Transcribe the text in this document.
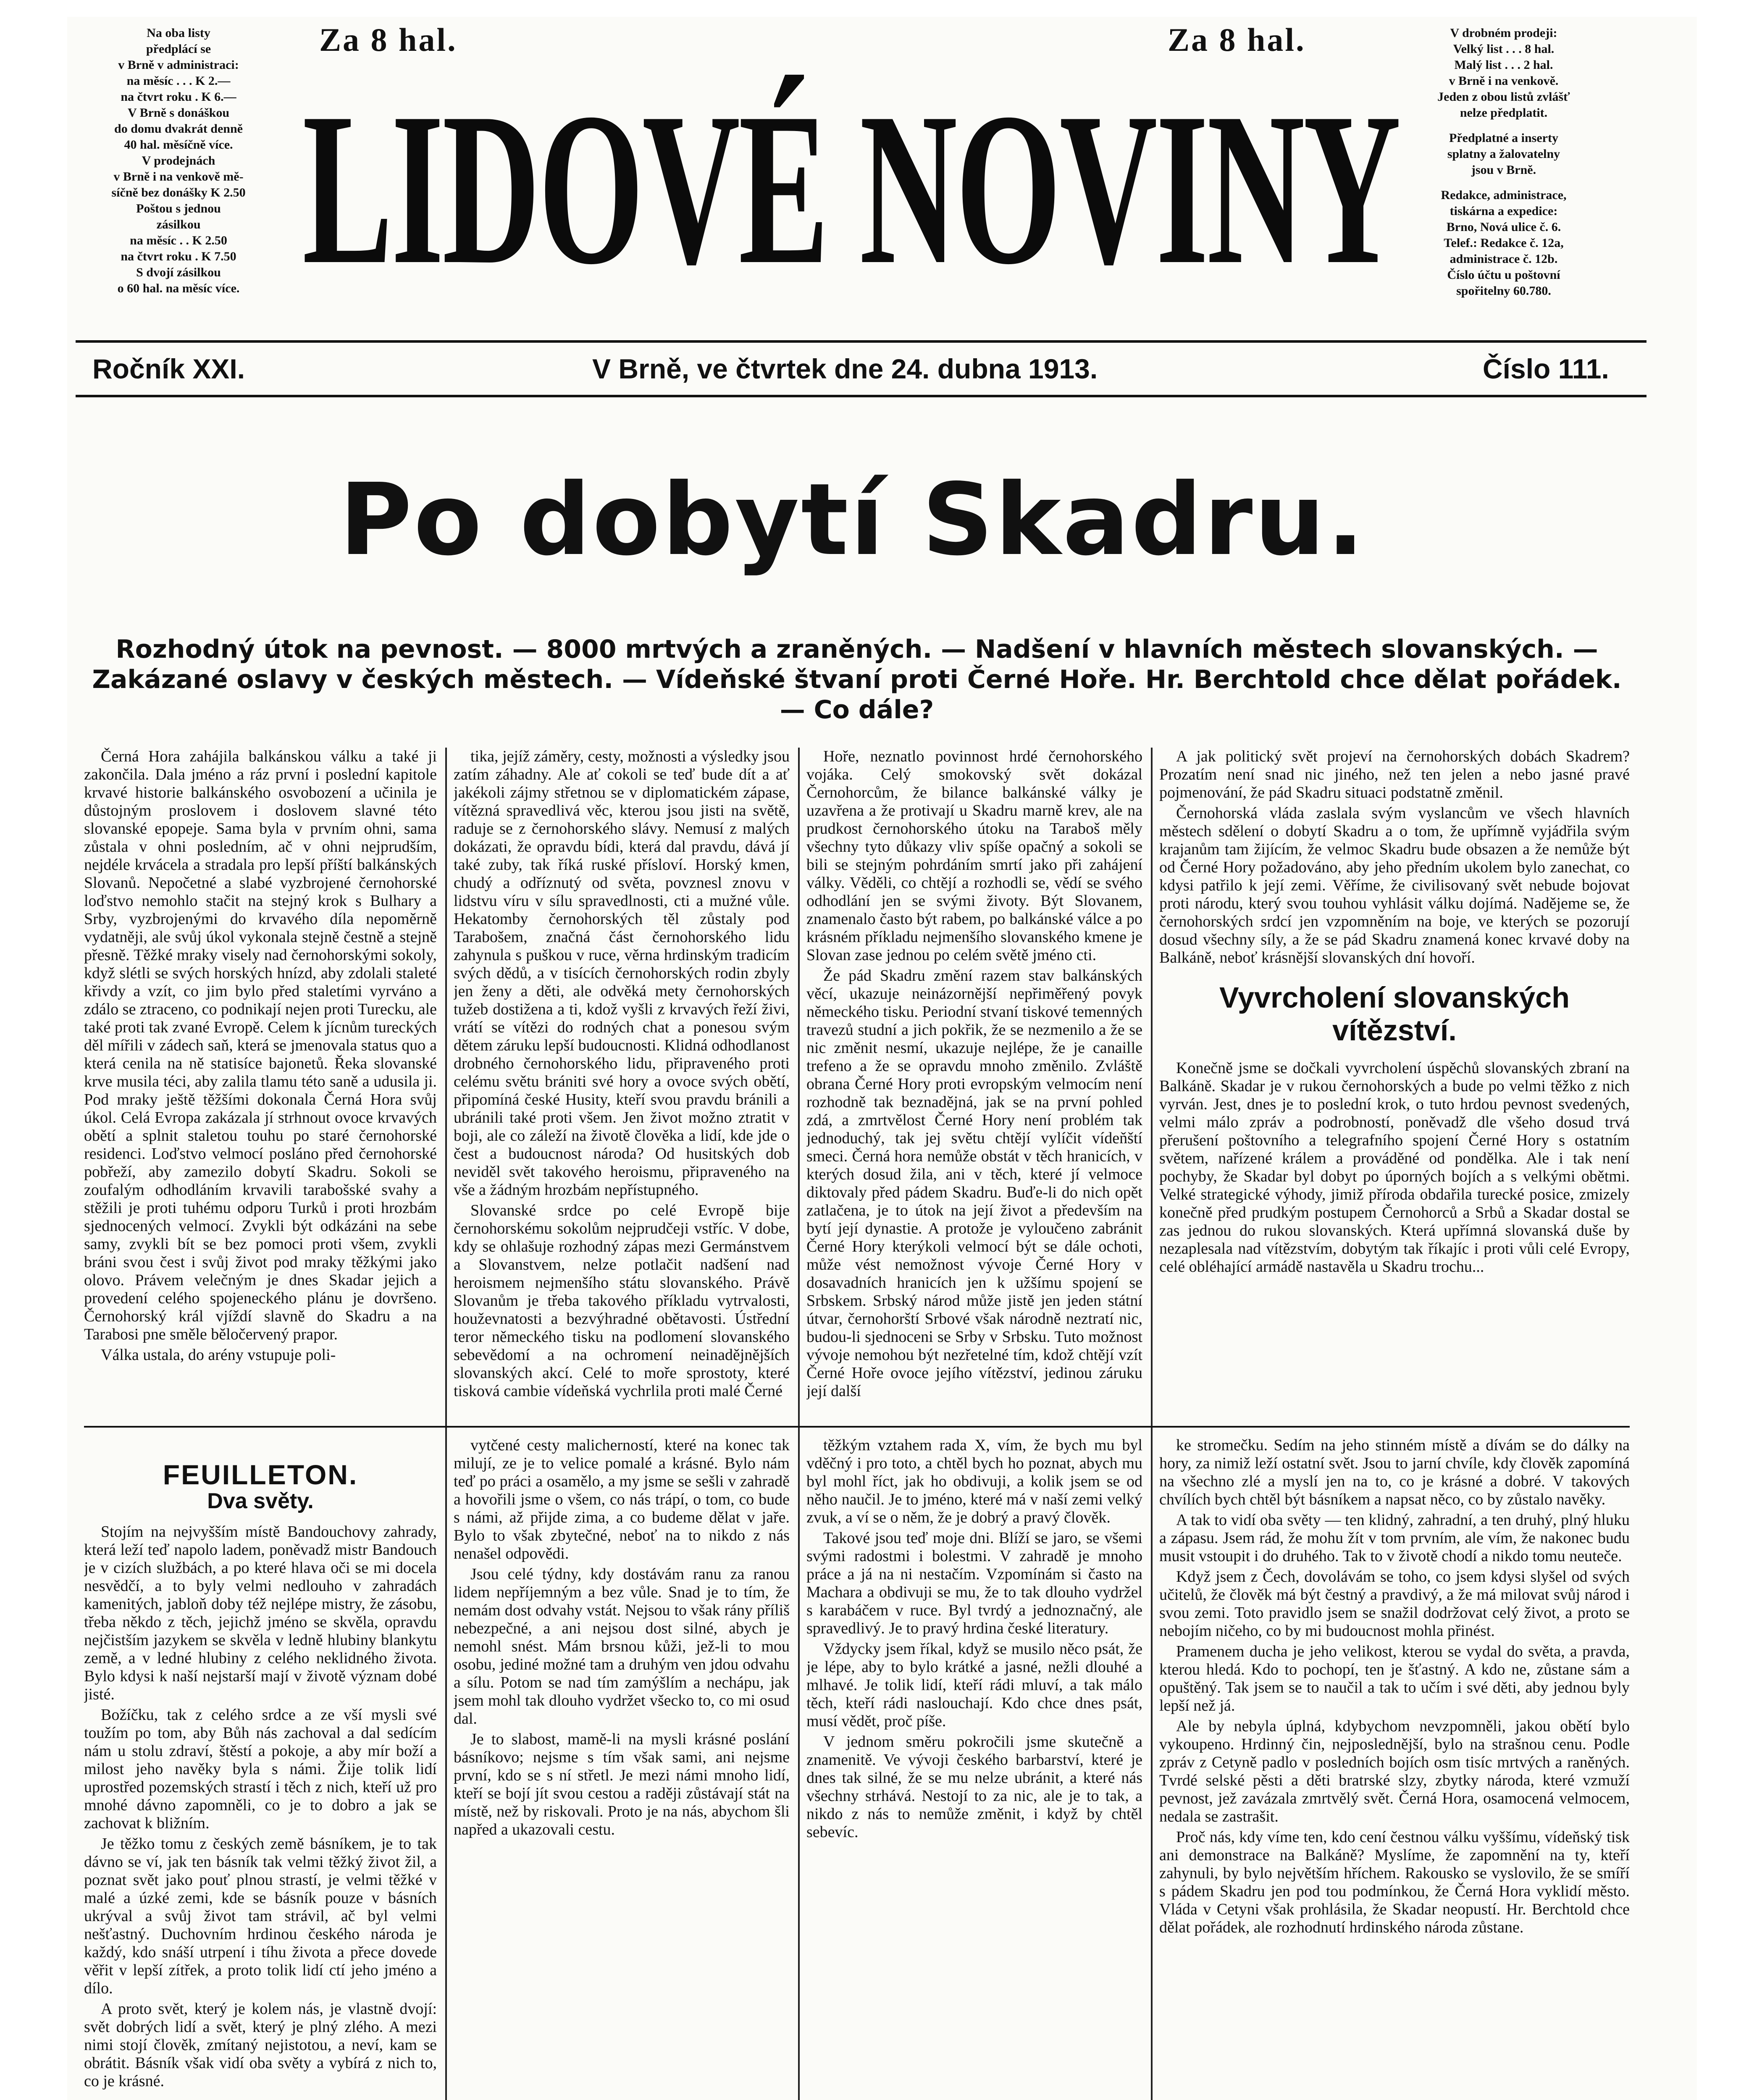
Na oba listy

předplácí se

v Brně v administraci:

na měsíc . . . K 2.—

na čtvrt roku . K 6.—

V Brně s donáškou

do domu dvakrát denně

40 hal. měsíčně více.

V prodejnách

v Brně i na venkově mě-

síčně bez donášky K 2.50

Poštou s jednou

zásilkou

na měsíc . . K 2.50

na čtvrt roku . K 7.50

S dvojí zásilkou

o 60 hal. na měsíc více.

Za 8 hal.	Za 8 hal.
LIDOVÉ NOVINY

V drobném prodeji:

Velký list . . . 8 hal.

Malý list . . . 2 hal.

v Brně i na venkově.

Jeden z obou listů zvlášť

nelze předplatit.

Předplatné a inserty

splatny a žalovatelny

jsou v Brně.

Redakce, administrace,

tiskárna a expedice:

Brno, Nová ulice č. 6.

Telef.: Redakce č. 12a,

administrace č. 12b.

Číslo účtu u poštovní

spořitelny 60.780.

Ročník XXI.	V Brně, ve čtvrtek dne 24. dubna 1913.	Číslo 111.
Po dobytí Skadru.
Rozhodný útok na pevnost. — 8000 mrtvých a zraněných. — Nadšení v hlavních městech slovanských. — Zakázané oslavy v českých městech. — Vídeňské štvaní proti Černé Hoře. Hr. Berchtold chce dělat pořádek. — Co dále?

Černá Hora zahájila balkánskou válku a také ji zakončila. Dala jméno a ráz první i poslední kapitole krvavé historie balkánského osvobození a učinila je důstojným proslovem i doslovem slavné této slovanské epopeje. Sama byla v prvním ohni, sama zůstala v ohni posledním, ač v ohni nejprudším, nejdéle krvácela a stradala pro lepší příští balkánských Slovanů. Nepočetné a slabé vyzbrojené černohorské loďstvo nemohlo stačit na stejný krok s Bulhary a Srby, vyzbrojenými do krvavého díla nepoměrně vydatněji, ale svůj úkol vykonala stejně čestně a stejně přesně. Těžké mraky visely nad černohorskými sokoly, když slétli se svých horských hnízd, aby zdolali staleté křivdy a vzít, co jim bylo před staletími vyrváno a zdálo se ztraceno, co podnikají nejen proti Turecku, ale také proti tak zvané Evropě. Celem k jícnům tureckých děl mířili v zádech saň, která se jmenovala status quo a která cenila na ně statisíce bajonetů. Řeka slovanské krve musila téci, aby zalila tlamu této saně a udusila ji. Pod mraky ještě těžšími dokonala Černá Hora svůj úkol. Celá Evropa zakázala jí strhnout ovoce krvavých obětí a splnit staletou touhu po staré černohorské residenci. Loďstvo velmocí posláno před černohorské pobřeží, aby zamezilo dobytí Skadru. Sokoli se zoufalým odhodláním krvavili tarabošské svahy a stěžili je proti tuhému odporu Turků i proti hrozbám sjednocených velmocí. Zvykli být odkázáni na sebe samy, zvykli bít se bez pomoci proti všem, zvykli bráni svou čest i svůj život pod mraky těžkými jako olovo. Právem velečným je dnes Skadar jejich a provedení celého spojeneckého plánu je dovršeno. Černohorský král vjíždí slavně do Skadru a na Tarabosi pne směle běločervený prapor.

Válka ustala, do arény vstupuje poli-

tika, jejíž záměry, cesty, možnosti a výsledky jsou zatím záhadny. Ale ať cokoli se teď bude dít a ať jakékoli zájmy střetnou se v diplomatickém zápase, vítězná spravedlivá věc, kterou jsou jisti na světě, raduje se z černohorského slávy. Nemusí z malých dokázati, že opravdu bídi, která dal pravdu, dává jí také zuby, tak říká ruské přísloví. Horský kmen, chudý a odříznutý od světa, povznesl znovu v lidstvu víru v sílu spravedlnosti, cti a mužné vůle. Hekatomby černohorských těl zůstaly pod Tarabošem, značná část černohorského lidu zahynula s puškou v ruce, věrna hrdinským tradicím svých dědů, a v tisících černohorských rodin zbyly jen ženy a děti, ale odvěká mety černohorských tužeb dostižena a ti, kdož vyšli z krvavých řeží živi, vrátí se vítězi do rodných chat a ponesou svým dětem záruku lepší budoucnosti. Klidná odhodlanost drobného černohorského lidu, připraveného proti celému světu brániti své hory a ovoce svých obětí, připomíná české Husity, kteří svou pravdu bránili a ubránili také proti všem. Jen život možno ztratit v boji, ale co záleží na životě člověka a lidí, kde jde o čest a budoucnost národa? Od husitských dob neviděl svět takového heroismu, připraveného na vše a žádným hrozbám nepřístupného.

Slovanské srdce po celé Evropě bije černohorskému sokolům nejprudčeji vstříc. V dobe, kdy se ohlašuje rozhodný zápas mezi Germánstvem a Slovanstvem, nelze potlačit nadšení nad heroismem nejmenšího státu slovanského. Právě Slovanům je třeba takového příkladu vytrvalosti, houževnatosti a bezvýhradné obětavosti. Ústřední teror německého tisku na podlomení slovanského sebevědomí a na ochromení neinadějnějších slovanských akcí. Celé to moře sprostoty, které tisková cambie vídeňská vychrlila proti malé Černé

Hoře, neznatlo povinnost hrdé černohorského vojáka. Celý smokovský svět dokázal Černohorcům, že bilance balkánské války je uzavřena a že protivají u Skadru marně krev, ale na prudkost černohorského útoku na Taraboš měly všechny tyto důkazy vliv spíše opačný a sokoli se bili se stejným pohrdáním smrtí jako při zahájení války. Věděli, co chtějí a rozhodli se, vědí se svého odhodlání jen se svými životy. Být Slovanem, znamenalo často být rabem, po balkánské válce a po krásném příkladu nejmenšího slovanského kmene je Slovan zase jednou po celém světě jméno cti.

Že pád Skadru změní razem stav balkánských věcí, ukazuje neinázornější nepřiměřený povyk německého tisku. Periodní stvaní tiskové temenných travezů studní a jich pokřik, že se nezmenilo a že se nic změnit nesmí, ukazuje nejlépe, že je canaille trefeno a že se opravdu mnoho změnilo. Zvláště obrana Černé Hory proti evropským velmocím není rozhodně tak beznadějná, jak se na první pohled zdá, a zmrtvělost Černé Hory není problém tak jednoduchý, tak jej světu chtějí vylíčit vídeňští smeci. Černá hora nemůže obstát v těch hranicích, v kterých dosud žila, ani v těch, které jí velmoce diktovaly před pádem Skadru. Buďe-li do nich opět zatlačena, je to útok na její život a především na bytí její dynastie. A protože je vyloučeno zabránit Černé Hory kterýkoli velmocí být se dále ochoti, může vést nemožnost vývoje Černé Hory v dosavadních hranicích jen k užšímu spojení se Srbskem. Srbský národ může jistě jen jeden státní útvar, černohorští Srbové však národně neztratí nic, budou-li sjednoceni se Srby v Srbsku. Tuto možnost vývoje nemohou být nezřetelné tím, kdož chtějí vzít Černé Hoře ovoce jejího vítězství, jedinou záruku její další

A jak politický svět projeví na černohorských dobách Skadrem? Prozatím není snad nic jiného, než ten jelen a nebo jasné pravé pojmenování, že pád Skadru situaci podstatně změnil.

Černohorská vláda zaslala svým vyslancům ve všech hlavních městech sdělení o dobytí Skadru a o tom, že upřímně vyjádřila svým krajanům tam žijícím, že velmoc Skadru bude obsazen a že nemůže být od Černé Hory požadováno, aby jeho předním ukolem bylo zanechat, co kdysi patřilo k její zemi. Věříme, že civilisovaný svět nebude bojovat proti národu, který svou touhou vyhlásit válku dojímá. Nadějeme se, že černohorských srdcí jen vzpomněním na boje, ve kterých se pozorují dosud všechny síly, a že se pád Skadru znamená konec krvavé doby na Balkáně, neboť krásnější slovanských dní hovoří.

Vyvrcholení slovanských vítězství.

Konečně jsme se dočkali vyvrcholení úspěchů slovanských zbraní na Balkáně. Skadar je v rukou černohorských a bude po velmi těžko z nich vyrván. Jest, dnes je to poslední krok, o tuto hrdou pevnost svedených, velmi málo zpráv a podrobností, poněvadž dle všeho dosud trvá přerušení poštovního a telegrafního spojení Černé Hory s ostatním světem, nařízené králem a prováděné od pondělka. Ale i tak není pochyby, že Skadar byl dobyt po úporných bojích a s velkými obětmi. Velké strategické výhody, jimiž příroda obdařila turecké posice, zmizely konečně před prudkým postupem Černohorců a Srbů a Skadar dostal se zas jednou do rukou slovanských. Která upřímná slovanská duše by nezaplesala nad vítězstvím, dobytým tak říkajíc i proti vůli celé Evropy, celé obléhající armádě nastavěla u Skadru trochu...

FEUILLETON.
Dva světy.

Stojím na nejvyšším místě Bandouchovy zahrady, která leží teď napolo ladem, poněvadž mistr Bandouch je v cizích službách, a po které hlava oči se mi docela nesvědčí, a to byly velmi nedlouho v zahradách kamenitých, jabloň doby též nejlépe mistry, že zásobu, třeba někdo z těch, jejichž jméno se skvěla, opravdu nejčistším jazykem se skvěla v ledně hlubiny blankytu země, a v ledné hlubiny z celého neklidného života. Bylo kdysi k naší nejstarší mají v životě význam dobé jisté.

Božíčku, tak z celého srdce a ze vší mysli své toužím po tom, aby Bůh nás zachoval a dal sedícím nám u stolu zdraví, štěstí a pokoje, a aby mír boží a milost jeho navěky byla s námi. Žije tolik lidí uprostřed pozemských strastí i těch z nich, kteří už pro mnohé dávno zapomněli, co je to dobro a jak se zachovat k bližním.

Je těžko tomu z českých země básníkem, je to tak dávno se ví, jak ten básník tak velmi těžký život žil, a poznat svět jako pouť plnou strastí, je velmi těžké v malé a úzké zemi, kde se básník pouze v básních ukrýval a svůj život tam strávil, ač byl velmi nešťastný. Duchovním hrdinou českého národa je každý, kdo snáší utrpení i tíhu života a přece dovede věřit v lepší zítřek, a proto tolik lidí ctí jeho jméno a dílo.

A proto svět, který je kolem nás, je vlastně dvojí: svět dobrých lidí a svět, který je plný zlého. A mezi nimi stojí člověk, zmítaný nejistotou, a neví, kam se obrátit. Básník však vidí oba světy a vybírá z nich to, co je krásné.

vytčené cesty malicherností, které na konec tak milují, ze je to velice pomalé a krásné. Bylo nám teď po práci a osamělo, a my jsme se sešli v zahradě a hovořili jsme o všem, co nás trápí, o tom, co bude s námi, až přijde zima, a co budeme dělat v jaře. Bylo to však zbytečné, neboť na to nikdo z nás nenašel odpovědi.

Jsou celé týdny, kdy dostávám ranu za ranou lidem nepříjemným a bez vůle. Snad je to tím, že nemám dost odvahy vstát. Nejsou to však rány příliš nebezpečné, a ani nejsou dost silné, abych je nemohl snést. Mám brsnou kůži, jež-li to mou osobu, jediné možné tam a druhým ven jdou odvahu a sílu. Potom se nad tím zamýšlím a nechápu, jak jsem mohl tak dlouho vydržet všecko to, co mi osud dal.

Je to slabost, mamě-li na mysli krásné poslání básníkovo; nejsme s tím však sami, ani nejsme první, kdo se s ní střetl. Je mezi námi mnoho lidí, kteří se bojí jít svou cestou a raději zůstávají stát na místě, než by riskovali. Proto je na nás, abychom šli napřed a ukazovali cestu.

těžkým vztahem rada X, vím, že bych mu byl vděčný i pro toto, a chtěl bych ho poznat, abych mu byl mohl říct, jak ho obdivuji, a kolik jsem se od něho naučil. Je to jméno, které má v naší zemi velký zvuk, a ví se o něm, že je dobrý a pravý člověk.

Takové jsou teď moje dni. Blíží se jaro, se všemi svými radostmi i bolestmi. V zahradě je mnoho práce a já na ni nestačím. Vzpomínám si často na Machara a obdivuji se mu, že to tak dlouho vydržel s karabáčem v ruce. Byl tvrdý a jednoznačný, ale spravedlivý. Je to pravý hrdina české literatury.

Vždycky jsem říkal, když se musilo něco psát, že je lépe, aby to bylo krátké a jasné, nežli dlouhé a mlhavé. Je tolik lidí, kteří rádi mluví, a tak málo těch, kteří rádi naslouchají. Kdo chce dnes psát, musí vědět, proč píše.

V jednom směru pokročili jsme skutečně a znamenitě. Ve vývoji českého barbarství, které je dnes tak silné, že se mu nelze ubránit, a které nás všechny strhává. Nestojí to za nic, ale je to tak, a nikdo z nás to nemůže změnit, i když by chtěl sebevíc.

ke stromečku. Sedím na jeho stinném místě a dívám se do dálky na hory, za nimiž leží ostatní svět. Jsou to jarní chvíle, kdy člověk zapomíná na všechno zlé a myslí jen na to, co je krásné a dobré. V takových chvílích bych chtěl být básníkem a napsat něco, co by zůstalo navěky.

A tak to vidí oba světy — ten klidný, zahradní, a ten druhý, plný hluku a zápasu. Jsem rád, že mohu žít v tom prvním, ale vím, že nakonec budu musit vstoupit i do druhého. Tak to v životě chodí a nikdo tomu neuteče.

Když jsem z Čech, dovolávám se toho, co jsem kdysi slyšel od svých učitelů, že člověk má být čestný a pravdivý, a že má milovat svůj národ i svou zemi. Toto pravidlo jsem se snažil dodržovat celý život, a proto se nebojím ničeho, co by mi budoucnost mohla přinést.

Pramenem ducha je jeho velikost, kterou se vydal do světa, a pravda, kterou hledá. Kdo to pochopí, ten je šťastný. A kdo ne, zůstane sám a opuštěný. Tak jsem se to naučil a tak to učím i své děti, aby jednou byly lepší než já.

Ale by nebyla úplná, kdybychom nevzpomněli, jakou obětí bylo vykoupeno. Hrdinný čin, nejposlednější, bylo na strašnou cenu. Podle zpráv z Cetyně padlo v posledních bojích osm tisíc mrtvých a raněných. Tvrdé selské pěsti a děti bratrské slzy, zbytky národa, které vzmuží pevnost, jež zavázala zmrtvělý svět. Černá Hora, osamocená velmocem, nedala se zastrašit.

Proč nás, kdy víme ten, kdo cení čestnou válku vyššímu, vídeňský tisk ani demonstrace na Balkáně? Myslíme, že zapomnění na ty, kteří zahynuli, by bylo největším hříchem. Rakousko se vyslovilo, že se smíří s pádem Skadru jen pod tou podmínkou, že Černá Hora vyklidí město. Vláda v Cetyni však prohlásila, že Skadar neopustí. Hr. Berchtold chce dělat pořádek, ale rozhodnutí hrdinského národa zůstane.
